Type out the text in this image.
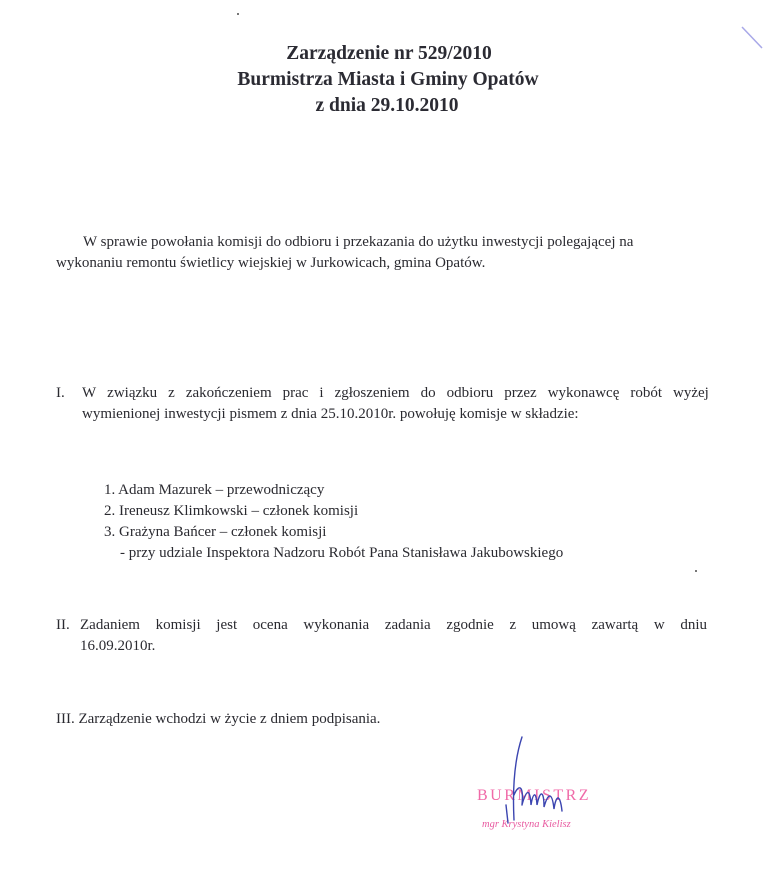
Zarządzenie nr 529/2010
Burmistrza Miasta i Gminy Opatów
z dnia 29.10.2010
W sprawie powołania komisji do odbioru i przekazania do użytku inwestycji polegającej na
wykonaniu remontu świetlicy wiejskiej w Jurkowicach, gmina Opatów.
I. W związku z zakończeniem prac i zgłoszeniem do odbioru przez wykonawcę robót wyżej
wymienionej inwestycji pismem z dnia 25.10.2010r. powołuję komisje w składzie:
1. Adam Mazurek – przewodniczący
2. Ireneusz Klimkowski – członek komisji
3. Grażyna Bańcer – członek komisji
- przy udziale Inspektora Nadzoru Robót Pana Stanisława Jakubowskiego
II. Zadaniem komisji jest ocena wykonania zadania zgodnie z umową zawartą w dniu
16.09.2010r.
III. Zarządzenie wchodzi w życie z dniem podpisania.
BURMISTRZ
mgr Krystyna Kielisz
